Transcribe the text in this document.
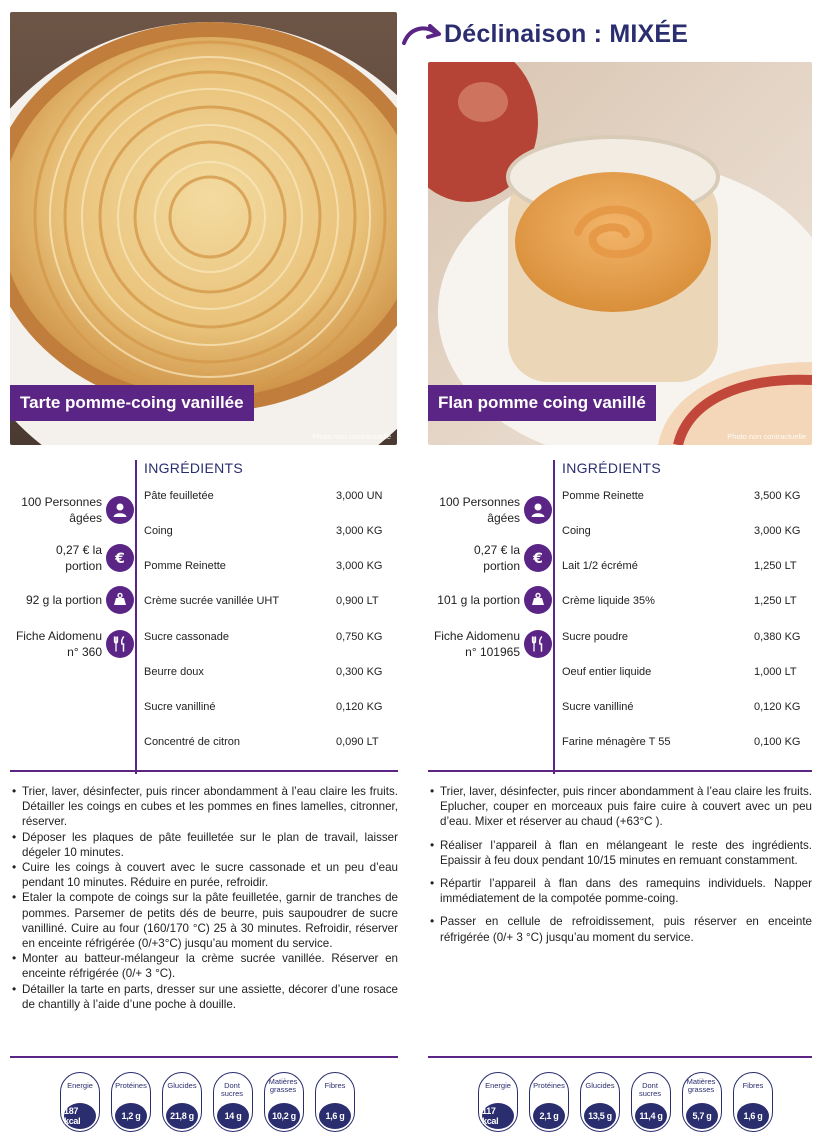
Déclinaison : MIXÉE
Tarte pomme-coing vanillée
Photo non contractuelle
Flan pomme coing vanillé
Photo non contractuelle
100 Personnes âgées
0,27 € la portion €
92 g la portion
Fiche Aidomenu n° 360
INGRÉDIENTS
Pâte feuilletée	3,000 UN
Coing	3,000 KG
Pomme Reinette	3,000 KG
Crème sucrée vanillée UHT	0,900 LT
Sucre cassonade	0,750 KG
Beurre doux	0,300 KG
Sucre vanilliné	0,120 KG
Concentré de citron	0,090 LT
• Trier, laver, désinfecter, puis rincer abondamment à l’eau claire les fruits. Détailler les coings en cubes et les pommes en fines lamelles, citronner, réserver.
• Déposer les plaques de pâte feuilletée sur le plan de travail, laisser dégeler 10 minutes.
• Cuire les coings à couvert avec le sucre cassonade et un peu d’eau pendant 10 minutes. Réduire en purée, refroidir.
• Etaler la compote de coings sur la pâte feuilletée, garnir de tranches de pommes. Parsemer de petits dés de beurre, puis saupoudrer de sucre vanilliné. Cuire au four (160/170 °C) 25 à 30 minutes. Refroidir, réserver en enceinte réfrigérée (0/+3°C) jusqu’au moment du service.
• Monter au batteur-mélangeur la crème sucrée vanillée. Réserver en enceinte réfrigérée (0/+ 3 °C).
• Détailler la tarte en parts, dresser sur une assiette, décorer d’une rosace de chantilly à l’aide d’une poche à douille.
Energie
187 kcal
Protéines
1,2 g
Glucides
21,8 g
Dont sucres
14 g
Matières grasses
10,2 g
Fibres
1,6 g
100 Personnes âgées
0,27 € la portion €
101 g la portion
Fiche Aidomenu n° 101965
INGRÉDIENTS
Pomme Reinette	3,500 KG
Coing	3,000 KG
Lait 1/2 écrémé	1,250 LT
Crème liquide 35%	1,250 LT
Sucre poudre	0,380 KG
Oeuf entier liquide	1,000 LT
Sucre vanilliné	0,120 KG
Farine ménagère T 55	0,100 KG
• Trier, laver, désinfecter, puis rincer abondamment à l’eau claire les fruits. Eplucher, couper en morceaux puis faire cuire à couvert avec un peu d’eau. Mixer et réserver au chaud (+63°C ).
• Réaliser l’appareil à flan en mélangeant le reste des ingrédients. Epaissir à feu doux pendant 10/15 minutes en remuant constamment.
• Répartir l’appareil à flan dans des ramequins individuels. Napper immédiatement de la compotée pomme-coing.
• Passer en cellule de refroidissement, puis réserver en enceinte réfrigérée (0/+ 3 °C) jusqu’au moment du service.
Energie
117 kcal
Protéines
2,1 g
Glucides
13,5 g
Dont sucres
11,4 g
Matières grasses
5,7 g
Fibres
1,6 g
